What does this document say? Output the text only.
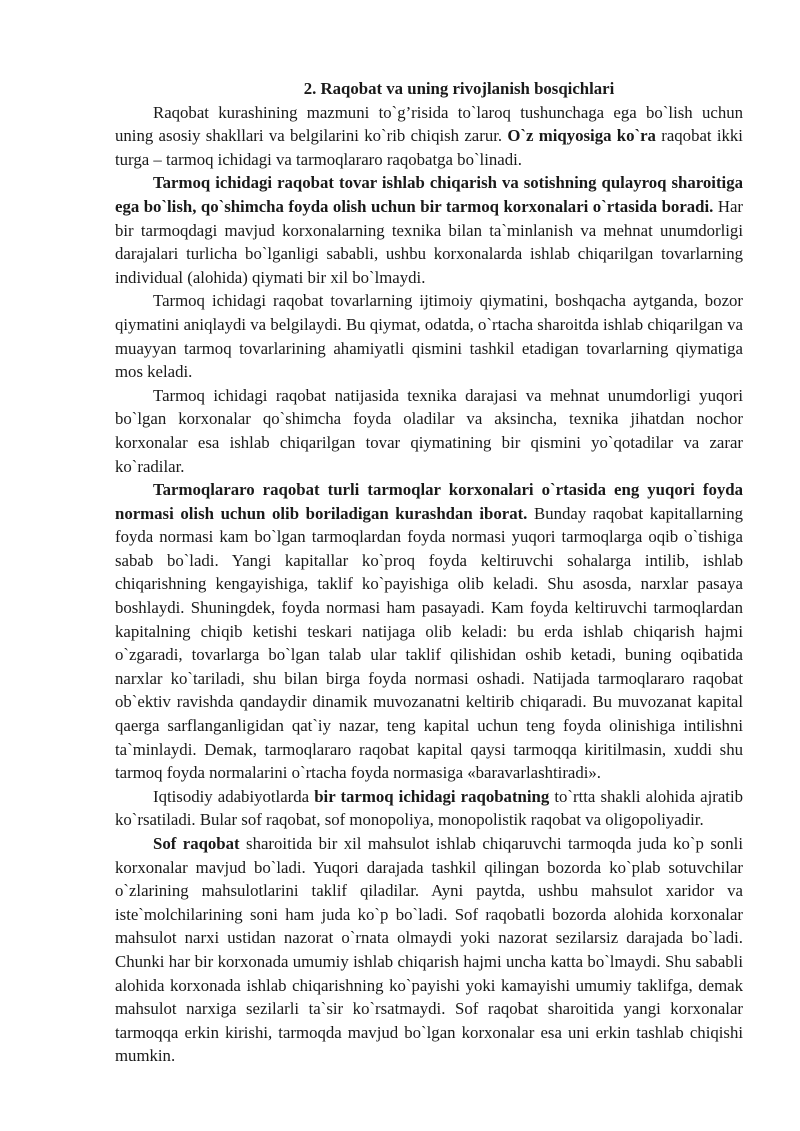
2. Raqobat va uning rivojlanish bosqichlari

Raqobat kurashining mazmuni to`g’risida to`laroq tushunchaga ega bo`lish uchun uning asosiy shakllari va belgilarini ko`rib chiqish zarur. O`z miqyosiga ko`ra raqobat ikki turga – tarmoq ichidagi va tarmoqlararo raqobatga bo`linadi.

Tarmoq ichidagi raqobat tovar ishlab chiqarish va sotishning qulayroq sharoitiga ega bo`lish, qo`shimcha foyda olish uchun bir tarmoq korxonalari o`rtasida boradi. Har bir tarmoqdagi mavjud korxonalarning texnika bilan ta`minlanish va mehnat unumdorligi darajalari turlicha bo`lganligi sababli, ushbu korxonalarda ishlab chiqarilgan tovarlarning individual (alohida) qiymati bir xil bo`lmaydi.

Tarmoq ichidagi raqobat tovarlarning ijtimoiy qiymatini, boshqacha aytganda, bozor qiymatini aniqlaydi va belgilaydi. Bu qiymat, odatda, o`rtacha sharoitda ishlab chiqarilgan va muayyan tarmoq tovarlarining ahamiyatli qismini tashkil etadigan tovarlarning qiymatiga mos keladi.

Tarmoq ichidagi raqobat natijasida texnika darajasi va mehnat unumdorligi yuqori bo`lgan korxonalar qo`shimcha foyda oladilar va aksincha, texnika jihatdan nochor korxonalar esa ishlab chiqarilgan tovar qiymatining bir qismini yo`qotadilar va zarar ko`radilar.

Tarmoqlararo raqobat turli tarmoqlar korxonalari o`rtasida eng yuqori foyda normasi olish uchun olib boriladigan kurashdan iborat. Bunday raqobat kapitallarning foyda normasi kam bo`lgan tarmoqlardan foyda normasi yuqori tarmoqlarga oqib o`tishiga sabab bo`ladi. Yangi kapitallar ko`proq foyda keltiruvchi sohalarga intilib, ishlab chiqarishning kengayishiga, taklif ko`payishiga olib keladi. Shu asosda, narxlar pasaya boshlaydi. Shuningdek, foyda normasi ham pasayadi. Kam foyda keltiruvchi tarmoqlardan kapitalning chiqib ketishi teskari natijaga olib keladi: bu erda ishlab chiqarish hajmi o`zgaradi, tovarlarga bo`lgan talab ular taklif qilishidan oshib ketadi, buning oqibatida narxlar ko`tariladi, shu bilan birga foyda normasi oshadi. Natijada tarmoqlararo raqobat ob`ektiv ravishda qandaydir dinamik muvozanatni keltirib chiqaradi. Bu muvozanat kapital qaerga sarflanganligidan qat`iy nazar, teng kapital uchun teng foyda olinishiga intilishni ta`minlaydi. Demak, tarmoqlararo raqobat kapital qaysi tarmoqqa kiritilmasin, xuddi shu tarmoq foyda normalarini o`rtacha foyda normasiga «baravarlashtiradi».

Iqtisodiy adabiyotlarda bir tarmoq ichidagi raqobatning to`rtta shakli alohida ajratib ko`rsatiladi. Bular sof raqobat, sof monopoliya, monopolistik raqobat va oligopoliyadir.

Sof raqobat sharoitida bir xil mahsulot ishlab chiqaruvchi tarmoqda juda ko`p sonli korxonalar mavjud bo`ladi. Yuqori darajada tashkil qilingan bozorda ko`plab sotuvchilar o`zlarining mahsulotlarini taklif qiladilar. Ayni paytda, ushbu mahsulot xaridor va iste`molchilarining soni ham juda ko`p bo`ladi. Sof raqobatli bozorda alohida korxonalar mahsulot narxi ustidan nazorat o`rnata olmaydi yoki nazorat sezilarsiz darajada bo`ladi. Chunki har bir korxonada umumiy ishlab chiqarish hajmi uncha katta bo`lmaydi. Shu sababli alohida korxonada ishlab chiqarishning ko`payishi yoki kamayishi umumiy taklifga, demak mahsulot narxiga sezilarli ta`sir ko`rsatmaydi. Sof raqobat sharoitida yangi korxonalar tarmoqqa erkin kirishi, tarmoqda mavjud bo`lgan korxonalar esa uni erkin tashlab chiqishi mumkin.
